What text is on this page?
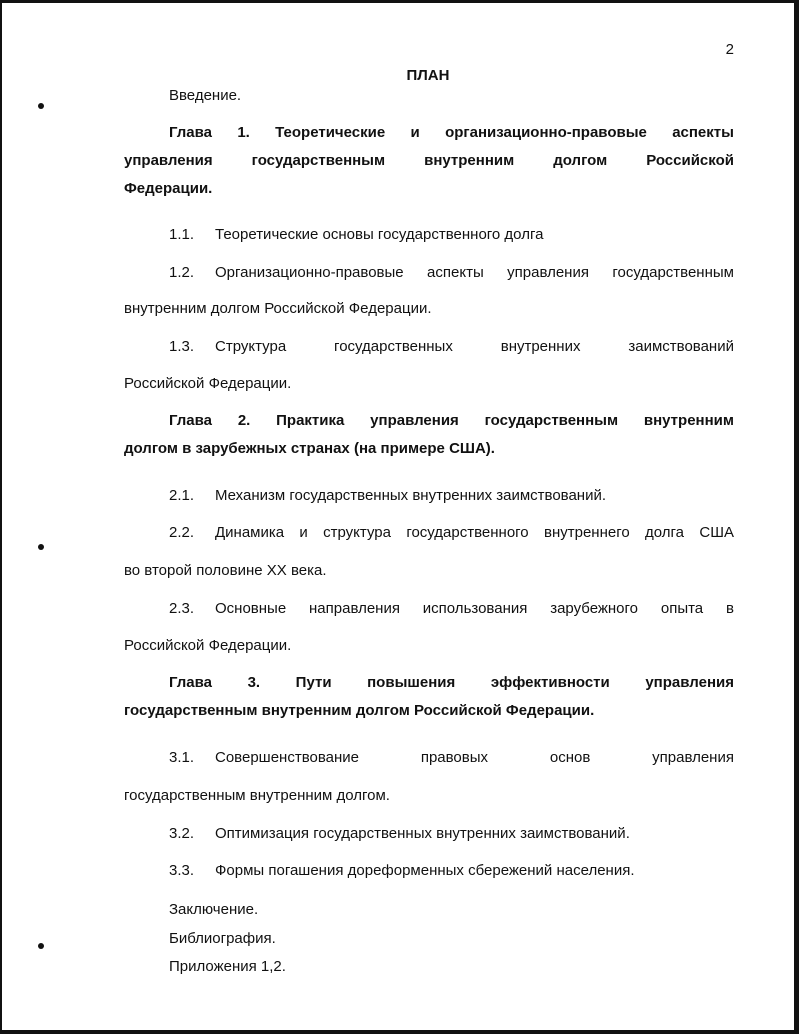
2
ПЛАН
Введение.
Глава 1. Теоретические и организационно-правовые аспекты
управления	государственным	внутренним	долгом	Российской
Федерации.
1.1. Теоретические основы государственного долга
1.2.	Организационно-правовые аспекты управления государственным
внутренним долгом Российской Федерации.
1.3.	Структура	государственных	внутренних	заимствований
Российской Федерации.
Глава 2. Практика управления государственным внутренним
долгом в зарубежных странах (на примере США).
2.1. Механизм государственных внутренних заимствований.
2.2.	Динамика и структура государственного внутреннего долга США
во второй половине XX века.
2.3.	Основные направления использования зарубежного опыта в
Российской Федерации.
Глава 3. Пути повышения эффективности управления
государственным внутренним долгом Российской Федерации.
3.1.	Совершенствование	правовых	основ	управления
государственным внутренним долгом.
3.2. Оптимизация государственных внутренних заимствований.
3.3. Формы погашения дореформенных сбережений населения.
Заключение.
Библиография.
Приложения 1,2.
